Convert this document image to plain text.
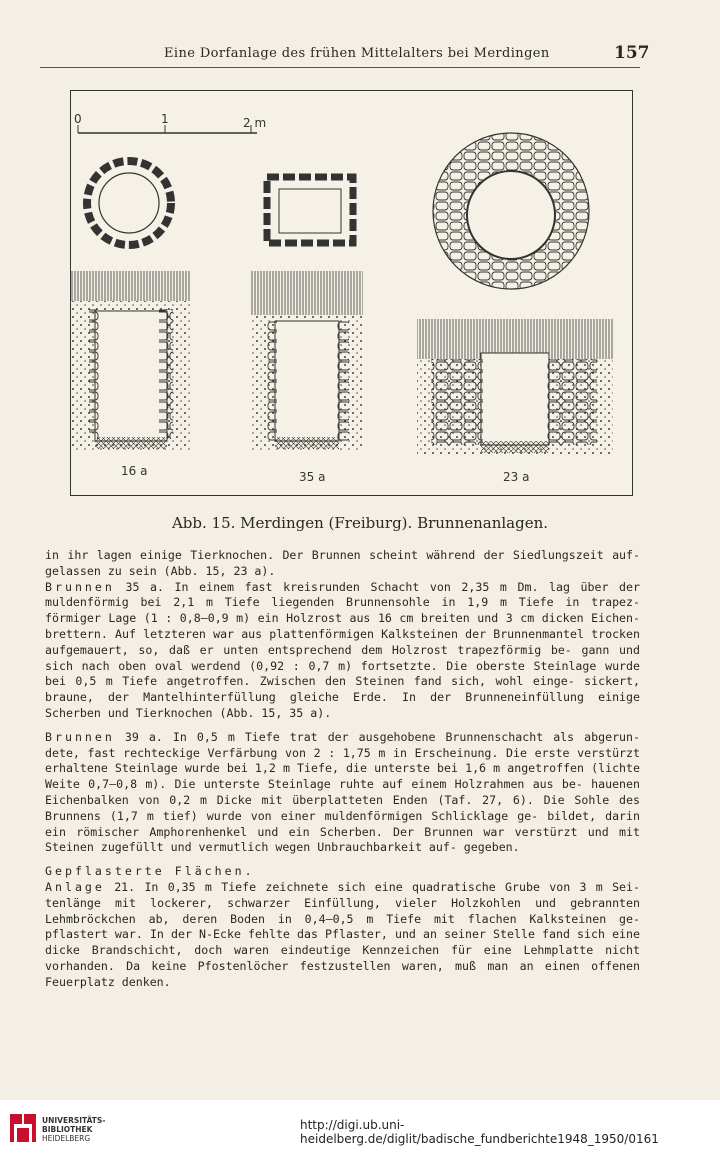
Eine Dorfanlage des frühen Mittelalters bei Merdingen	157
0	1	2 m
16 a	35 a	23 a
Abb. 15. Merdingen (Freiburg). Brunnenanlagen.

in ihr lagen einige Tierknochen. Der Brunnen scheint während der Siedlungszeit auf- gelassen zu sein (Abb. 15, 23 a).

Brunnen 35 a. In einem fast kreisrunden Schacht von 2,35 m Dm. lag über der muldenförmig bei 2,1 m Tiefe liegenden Brunnensohle in 1,9 m Tiefe in trapez- förmiger Lage (1 : 0,8—0,9 m) ein Holzrost aus 16 cm breiten und 3 cm dicken Eichen- brettern. Auf letzteren war aus plattenförmigen Kalksteinen der Brunnenmantel trocken aufgemauert, so, daß er unten entsprechend dem Holzrost trapezförmig be- gann und sich nach oben oval werdend (0,92 : 0,7 m) fortsetzte. Die oberste Steinlage wurde bei 0,5 m Tiefe angetroffen. Zwischen den Steinen fand sich, wohl einge- sickert, braune, der Mantelhinterfüllung gleiche Erde. In der Brunneneinfüllung einige Scherben und Tierknochen (Abb. 15, 35 a).

Brunnen 39 a. In 0,5 m Tiefe trat der ausgehobene Brunnenschacht als abgerun- dete, fast rechteckige Verfärbung von 2 : 1,75 m in Erscheinung. Die erste verstürzt erhaltene Steinlage wurde bei 1,2 m Tiefe, die unterste bei 1,6 m angetroffen (lichte Weite 0,7—0,8 m). Die unterste Steinlage ruhte auf einem Holzrahmen aus be- hauenen Eichenbalken von 0,2 m Dicke mit überplatteten Enden (Taf. 27, 6). Die Sohle des Brunnens (1,7 m tief) wurde von einer muldenförmigen Schlicklage ge- bildet, darin ein römischer Amphorenhenkel und ein Scherben. Der Brunnen war verstürzt und mit Steinen zugefüllt und vermutlich wegen Unbrauchbarkeit auf- gegeben.

Gepflasterte Flächen.

Anlage 21. In 0,35 m Tiefe zeichnete sich eine quadratische Grube von 3 m Sei- tenlänge mit lockerer, schwarzer Einfüllung, vieler Holzkohlen und gebrannten Lehmbröckchen ab, deren Boden in 0,4—0,5 m Tiefe mit flachen Kalksteinen ge- pflastert war. In der N-Ecke fehlte das Pflaster, und an seiner Stelle fand sich eine dicke Brandschicht, doch waren eindeutige Kennzeichen für eine Lehmplatte nicht vorhanden. Da keine Pfostenlöcher festzustellen waren, muß man an einen offenen Feuerplatz denken.

UNIVERSITÄTS-
BIBLIOTHEK
HEIDELBERG
http://digi.ub.uni-heidelberg.de/diglit/badische_fundberichte1948_1950/0161
